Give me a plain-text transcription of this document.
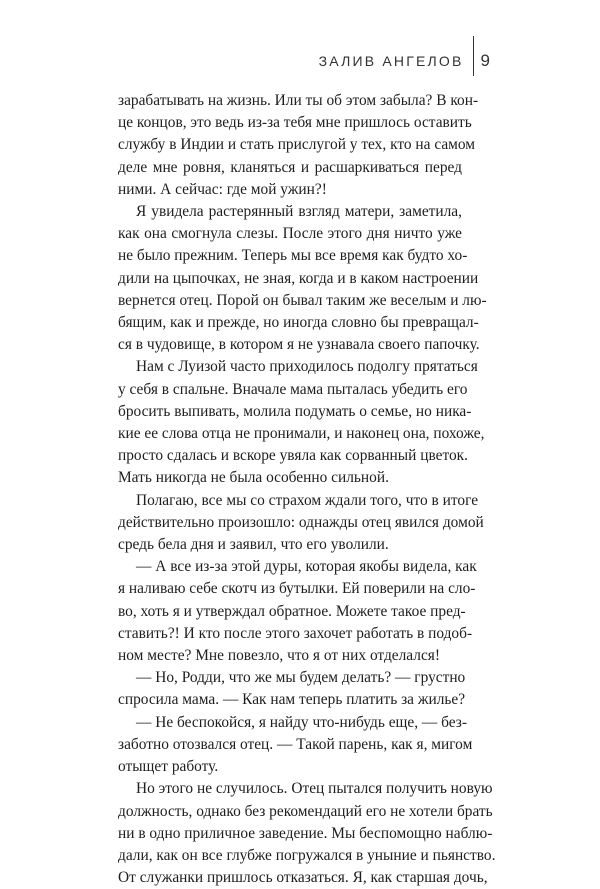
ЗАЛИВ АНГЕЛОВ	9
зарабатывать на жизнь. Или ты об этом забыла? В кон-
це концов, это ведь из-за тебя мне пришлось оставить
службу в Индии и стать прислугой у тех, кто на самом
деле мне ровня, кланяться и расшаркиваться перед
ними. А сейчас: где мой ужин?!
Я увидела растерянный взгляд матери, заметила,
как она смогнула слезы. После этого дня ничто уже
не было прежним. Теперь мы все время как будто хо-
дили на цыпочках, не зная, когда и в каком настроении
вернется отец. Порой он бывал таким же веселым и лю-
бящим, как и прежде, но иногда словно бы превращал-
ся в чудовище, в котором я не узнавала своего папочку.
Нам с Луизой часто приходилось подолгу прятаться
у себя в спальне. Вначале мама пыталась убедить его
бросить выпивать, молила подумать о семье, но ника-
кие ее слова отца не пронимали, и наконец она, похоже,
просто сдалась и вскоре увяла как сорванный цветок.
Мать никогда не была особенно сильной.
Полагаю, все мы со страхом ждали того, что в итоге
действительно произошло: однажды отец явился домой
средь бела дня и заявил, что его уволили.
— А все из-за этой дуры, которая якобы видела, как
я наливаю себе скотч из бутылки. Ей поверили на сло-
во, хоть я и утверждал обратное. Можете такое пред-
ставить?! И кто после этого захочет работать в подоб-
ном месте? Мне повезло, что я от них отделался!
— Но, Родди, что же мы будем делать? — грустно
спросила мама. — Как нам теперь платить за жилье?
— Не беспокойся, я найду что-нибудь еще, — без-
заботно отозвался отец. — Такой парень, как я, мигом
отыщет работу.
Но этого не случилось. Отец пытался получить новую
должность, однако без рекомендаций его не хотели брать
ни в одно приличное заведение. Мы беспомощно наблю-
дали, как он все глубже погружался в уныние и пьянство.
От служанки пришлось отказаться. Я, как старшая дочь,
